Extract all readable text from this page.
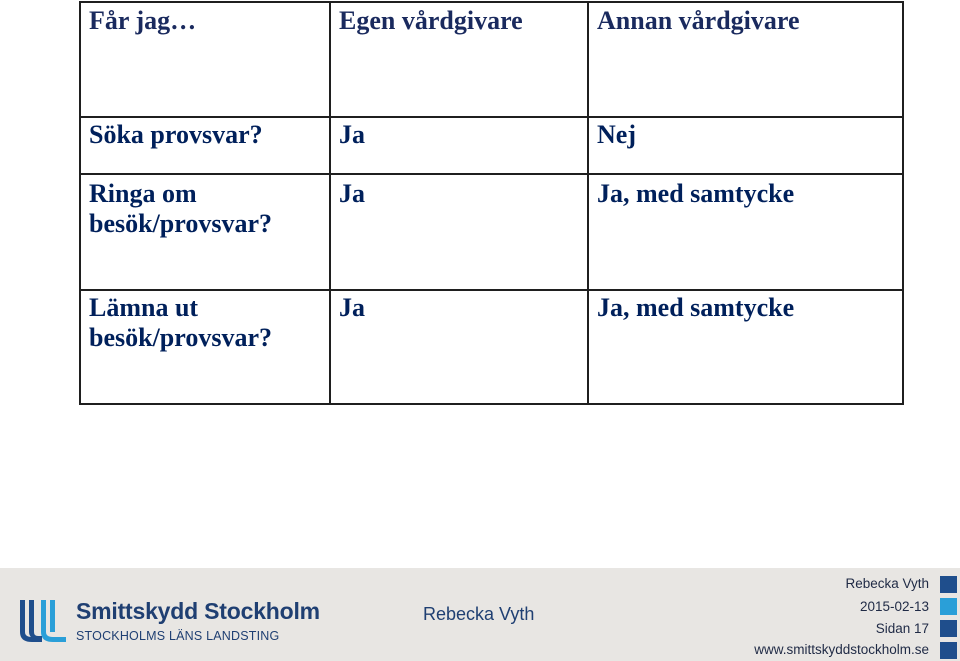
Får jag…	Egen vårdgivare	Annan vårdgivare

Söka provsvar?	Ja	Nej

Ringa om
besök/provsvar?	Ja	Ja, med samtycke

Lämna ut
besök/provsvar?	Ja	Ja, med samtycke
Smittskydd Stockholm
STOCKHOLMS LÄNS LANDSTING
Rebecka Vyth
Rebecka Vyth
2015-02-13
Sidan 17
www.smittskyddstockholm.se
